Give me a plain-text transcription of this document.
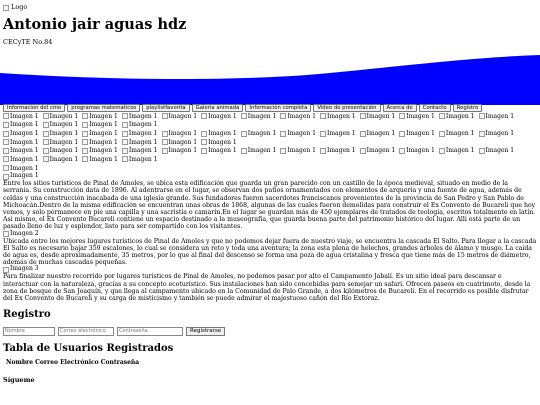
Logo
Antonio jair aguas hdz
CECyTE No.84
Informacion del cmo	programas matematicos	playlistfavorita	Galeria animada	Información completa	Video de presentación	Acerca de	Contacto	Registro
Imagen 1 Imagen 1 Imagen 1 Imagen 1 Imagen 1 Imagen 1 Imagen 1 Imagen 1 Imagen 1 Imagen 1 Imagen 1 Imagen 1 Imagen 1
Imagen 1 Imagen 1 Imagen 1 Imagen 1
Imagen 1 Imagen 1 Imagen 1 Imagen 1 Imagen 1 Imagen 1 Imagen 1 Imagen 1 Imagen 1 Imagen 1 Imagen 1 Imagen 1 Imagen 1
Imagen 1 Imagen 1 Imagen 1 Imagen 1 Imagen 1 Imagen 1
Imagen 1 Imagen 1 Imagen 1 Imagen 1 Imagen 1 Imagen 1 Imagen 1 Imagen 1 Imagen 1 Imagen 1 Imagen 1 Imagen 1 Imagen 1
Imagen 1 Imagen 1 Imagen 1 Imagen 1
Imagen 1
Imagen 1

Entre los sitios turísticos de Pinal de Amoles, se ubica esta edificación que guarda un gran parecido con un castillo de la época medieval, situado en medio de la serranía. Su construcción data de 1896. Al adentrarse en el lugar, se observan dos patios ornamentados con elementos de arquería y una fuente de agua, además de celdas y una construcción inacabada de una iglesia grande. Sus fundadores fueron sacerdotes franciscanos provenientes de la provincia de San Pedro y San Pablo de Michoacán.Dentro de la misma edificación se encuentran unas obras de 1868, algunas de las cuales fueron demolidas para construir el Ex Convento de Bucareli que hoy vemos, y solo permanece en pie una capilla y una sacristía o camarín.En el lugar se guardan más de 450 ejemplares de tratados de teología, escritos totalmente en latín. Así mismo, el Ex Convento Bucareli contiene un espacio destinado a la museografía, que guarda buena parte del patrimonio histórico del lugar. Allí está parte de un pasado lleno de luz y esplendor, listo para ser compartido con los visitantes.

Imagen 2

Ubicada entre los mejores lugares turísticos de Pinal de Amoles y que no podemos dejar fuera de nuestro viaje, se encuentra la cascada El Salto. Para llegar a la cascada El Salto es necesario bajar 359 escalones, lo cual se considera un reto y toda una aventura; la zona esta plena de helechos, grandes árboles de álamo y musgo. La caída de agua es, desde aproximadamente, 35 metros, por lo que al final del descenso se forma una poza de agua cristalina y fresca que tiene más de 15 metros de diámetro, además de muchas cascadas pequeñas.

Imagen 3

Para finalizar nuestro recorrido por lugares turísticos de Pinal de Amoles, no podemos pasar por alto el Campamento Jabalí. Es un sitio ideal para descansar e interactuar con la naturaleza, gracias a su concepto ecoturístico. Sus instalaciones han sido concebidas para semejar un safari. Ofrecen paseos en cuatrimoto, desde la zona de bosque de San Joaquín, y que llega al campamento ubicado en la Comunidad de Palo Grande, a dos kilómetros de Bucareli. En el recorrido es posible disfrutar del Ex Convento de Bucareli y su carga de misticismo y también se puede admirar el majestuoso cañón del Río Extoraz.

Registro
Nombre
Correo electrónico
Registrarse
Tabla de Usuarios Registrados
Nombre Correo Electrónico Contraseña
Sígueme
